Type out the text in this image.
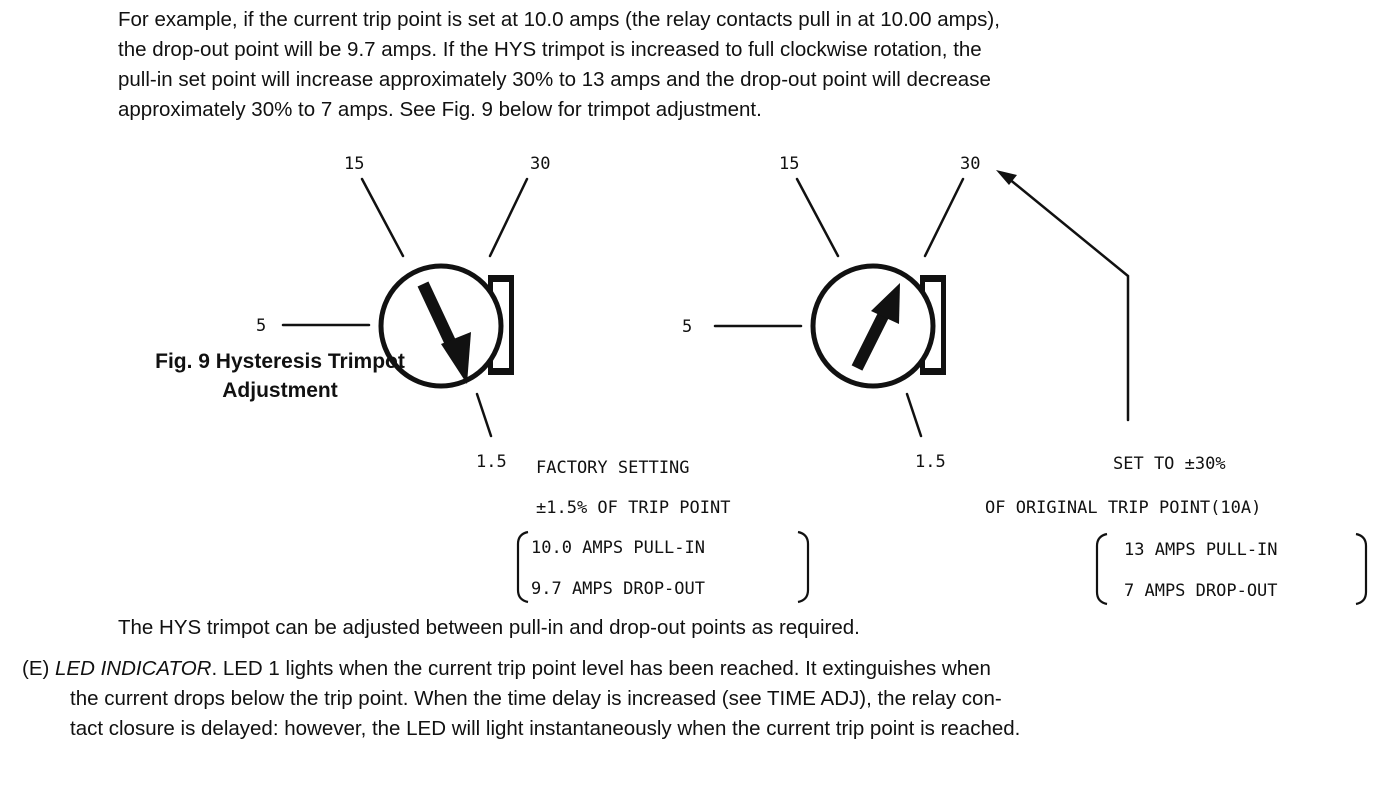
For example, if the current trip point is set at 10.0 amps (the relay contacts pull in at 10.00 amps),
the drop-out point will be 9.7 amps. If the HYS trimpot is increased to full clockwise rotation, the
pull-in set point will increase approximately 30% to 13 amps and the drop-out point will decrease
approximately 30% to 7 amps. See Fig. 9 below for trimpot adjustment.

15	30
5
1.5
15	30
5
1.5
FACTORY SETTING
±1.5% OF TRIP POINT
10.0 AMPS PULL-IN
9.7 AMPS DROP-OUT
SET TO ±30%
OF ORIGINAL TRIP POINT(10A)
13 AMPS PULL-IN
7 AMPS DROP-OUT
Fig. 9 Hysteresis Trimpot
Adjustment

The HYS trimpot can be adjusted between pull-in and drop-out points as required.

(E) LED INDICATOR. LED 1 lights when the current trip point level has been reached. It extinguishes when
the current drops below the trip point. When the time delay is increased (see TIME ADJ), the relay con-
tact closure is delayed: however, the LED will light instantaneously when the current trip point is reached.
